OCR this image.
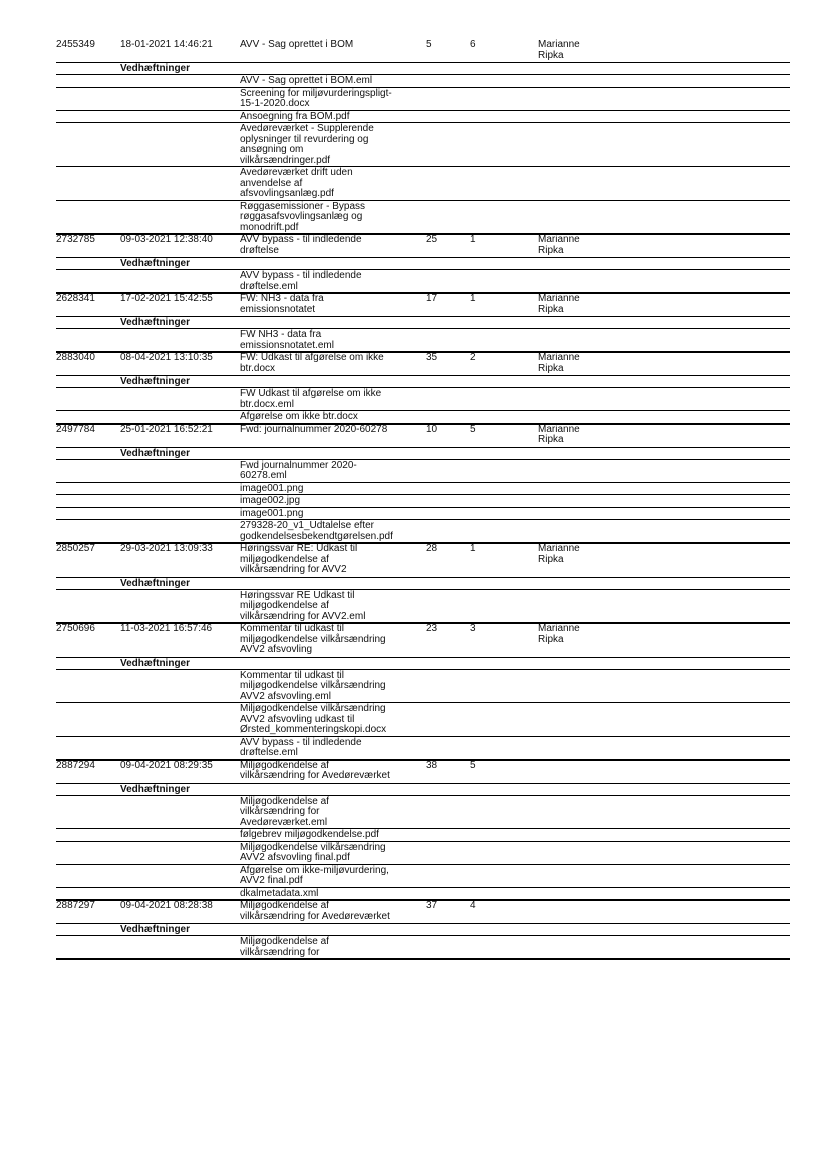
2455349	18-01-2021 14:46:21	AVV - Sag oprettet i BOM	5	6	Marianne
Ripka
Vedhæftninger
AVV - Sag oprettet i BOM.eml
Screening for miljøvurderingspligt-
15-1-2020.docx
Ansoegning fra BOM.pdf
Avedøreværket - Supplerende
oplysninger til revurdering og
ansøgning om
vilkårsændringer.pdf
Avedøreværket drift uden
anvendelse af
afsvovlingsanlæg.pdf
Røggasemissioner - Bypass
røggasafsvovlingsanlæg og
monodrift.pdf
2732785	09-03-2021 12:38:40	AVV bypass - til indledende
drøftelse
25	1	Marianne
Ripka
Vedhæftninger
AVV bypass - til indledende
drøftelse.eml
2628341	17-02-2021 15:42:55	FW: NH3 - data fra
emissionsnotatet
17	1	Marianne
Ripka
Vedhæftninger
FW NH3 - data fra
emissionsnotatet.eml
2883040	08-04-2021 13:10:35	FW: Udkast til afgørelse om ikke
btr.docx
35	2	Marianne
Ripka
Vedhæftninger
FW Udkast til afgørelse om ikke
btr.docx.eml
Afgørelse om ikke btr.docx
2497784	25-01-2021 16:52:21	Fwd: journalnummer 2020-60278	10	5	Marianne
Ripka
Vedhæftninger
Fwd journalnummer 2020-
60278.eml
image001.png
image002.jpg
image001.png
279328-20_v1_Udtalelse efter
godkendelsesbekendtgørelsen.pdf
2850257	29-03-2021 13:09:33	Høringssvar RE: Udkast til
miljøgodkendelse af
vilkårsændring for AVV2
28	1	Marianne
Ripka
Vedhæftninger
Høringssvar RE Udkast til
miljøgodkendelse af
vilkårsændring for AVV2.eml
2750696	11-03-2021 16:57:46	Kommentar til udkast til
miljøgodkendelse vilkårsændring
AVV2 afsvovling
23	3	Marianne
Ripka
Vedhæftninger
Kommentar til udkast til
miljøgodkendelse vilkårsændring
AVV2 afsvovling.eml
Miljøgodkendelse vilkårsændring
AVV2 afsvovling udkast til
Ørsted_kommenteringskopi.docx
AVV bypass - til indledende
drøftelse.eml
2887294	09-04-2021 08:29:35	Miljøgodkendelse af
vilkårsændring for Avedøreværket
38	5
Vedhæftninger
Miljøgodkendelse af
vilkårsændring for
Avedøreværket.eml
følgebrev miljøgodkendelse.pdf
Miljøgodkendelse vilkårsændring
AVV2 afsvovling final.pdf
Afgørelse om ikke-miljøvurdering,
AVV2 final.pdf
dkalmetadata.xml
2887297	09-04-2021 08:28:38	Miljøgodkendelse af
vilkårsændring for Avedøreværket
37	4
Vedhæftninger
Miljøgodkendelse af
vilkårsændring for
